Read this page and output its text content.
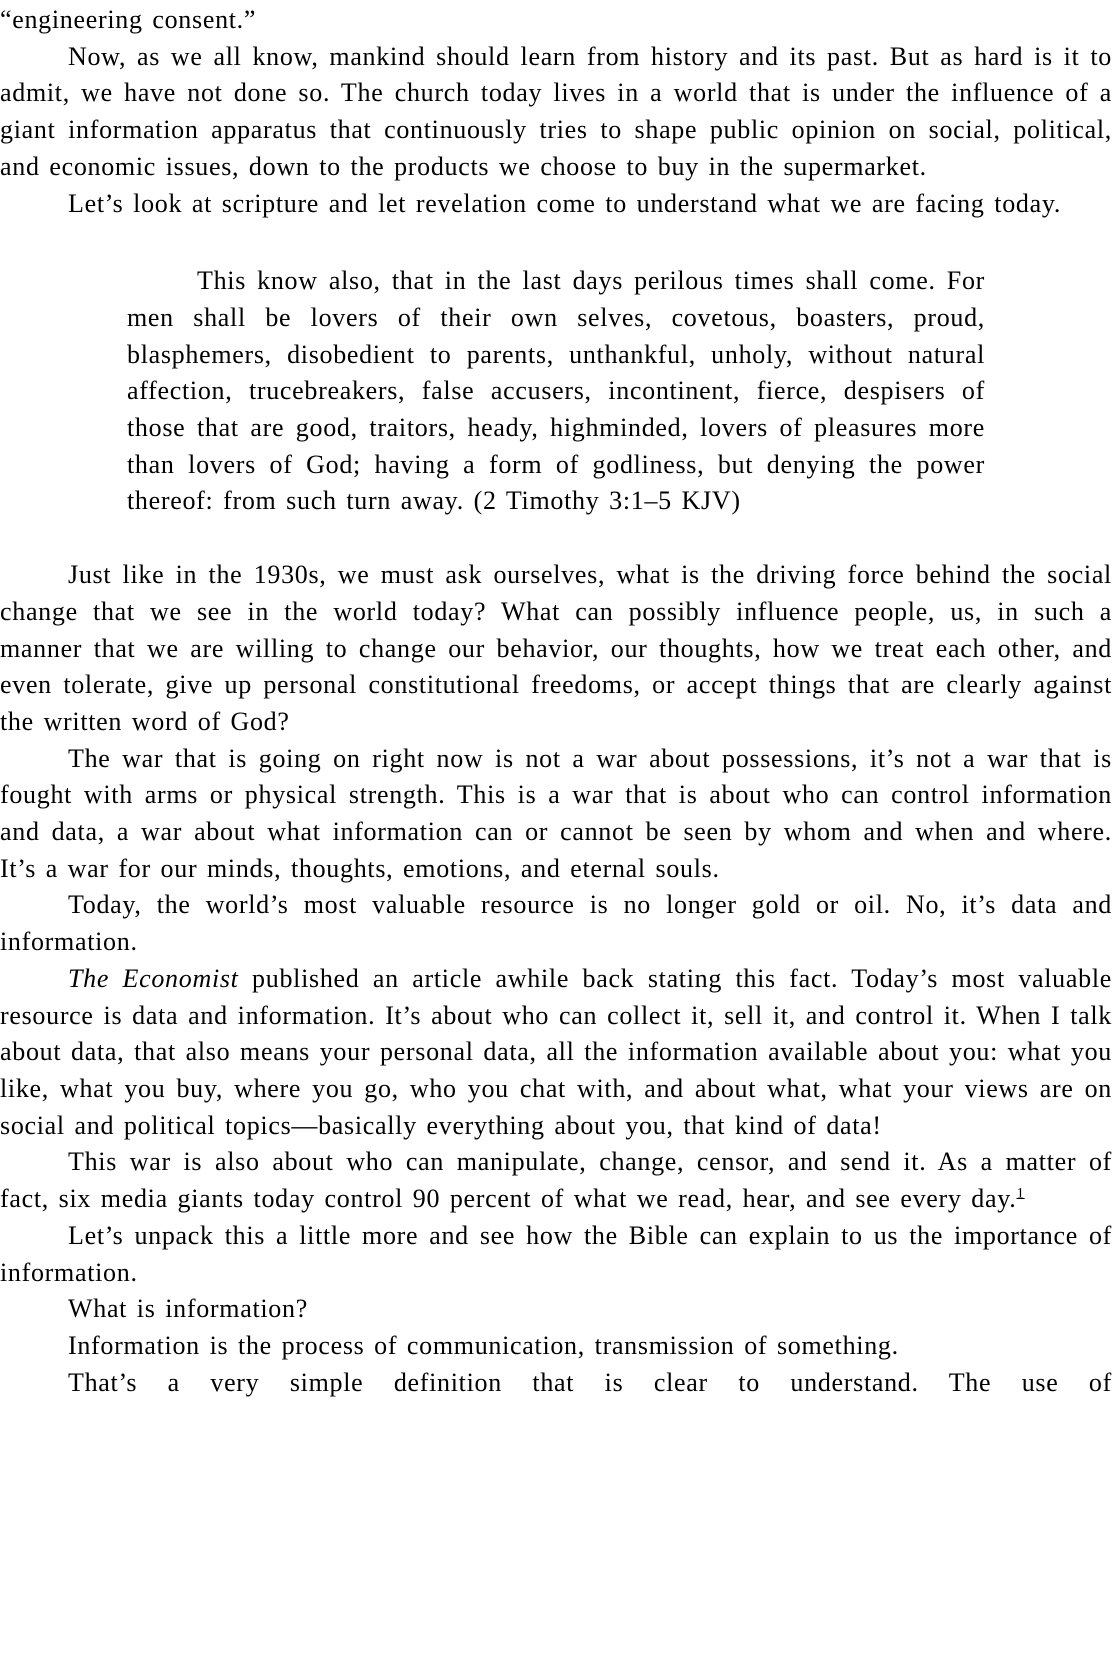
“engineering consent.”

Now, as we all know, mankind should learn from history and its past. But as hard is it to admit, we have not done so. The church today lives in a world that is under the influence of a giant information apparatus that continuously tries to shape public opinion on social, political, and economic issues, down to the products we choose to buy in the supermarket.

Let’s look at scripture and let revelation come to understand what we are facing today.

This know also, that in the last days perilous times shall come. For men shall be lovers of their own selves, covetous, boasters, proud, blasphemers, disobedient to parents, unthankful, unholy, without natural affection, trucebreakers, false accusers, incontinent, fierce, despisers of those that are good, traitors, heady, highminded, lovers of pleasures more than lovers of God; having a form of godliness, but denying the power thereof: from such turn away. (2 Timothy 3:1–5 KJV)

Just like in the 1930s, we must ask ourselves, what is the driving force behind the social change that we see in the world today? What can possibly influence people, us, in such a manner that we are willing to change our behavior, our thoughts, how we treat each other, and even tolerate, give up personal constitutional freedoms, or accept things that are clearly against the written word of God?

The war that is going on right now is not a war about possessions, it’s not a war that is fought with arms or physical strength. This is a war that is about who can control information and data, a war about what information can or cannot be seen by whom and when and where. It’s a war for our minds, thoughts, emotions, and eternal souls.

Today, the world’s most valuable resource is no longer gold or oil. No, it’s data and information.

The Economist published an article awhile back stating this fact. Today’s most valuable resource is data and information. It’s about who can collect it, sell it, and control it. When I talk about data, that also means your personal data, all the information available about you: what you like, what you buy, where you go, who you chat with, and about what, what your views are on social and political topics—basically everything about you, that kind of data!

This war is also about who can manipulate, change, censor, and send it. As a matter of fact, six media giants today control 90 percent of what we read, hear, and see every day.$^1$

Let’s unpack this a little more and see how the Bible can explain to us the importance of information.

What is information?

Information is the process of communication, transmission of something.

That’s a very simple definition that is clear to understand. The use of
